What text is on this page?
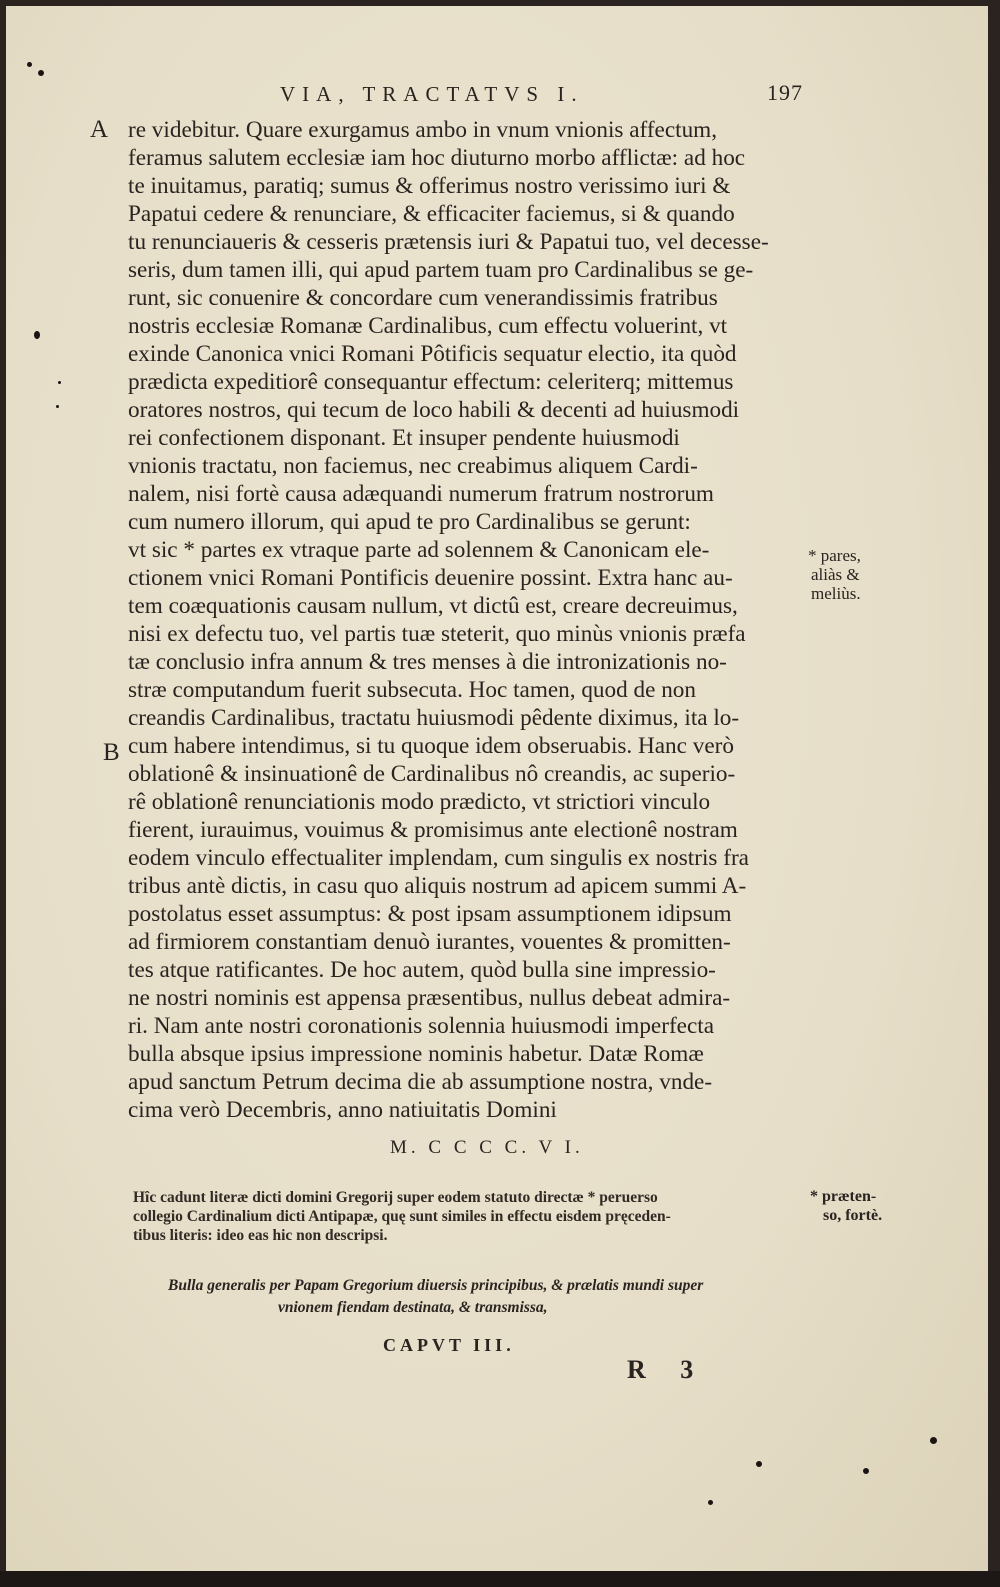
VIA, TRACTATVS I.	197
A
B
re videbitur. Quare exurgamus ambo in vnum vnionis affectum,
feramus salutem ecclesiæ iam hoc diuturno morbo afflictæ: ad hoc
te inuitamus, paratiq; sumus & offerimus nostro verissimo iuri &
Papatui cedere & renunciare, & efficaciter faciemus, si & quando
tu renunciaueris & cesseris prætensis iuri & Papatui tuo, vel decesse-
seris, dum tamen illi, qui apud partem tuam pro Cardinalibus se ge-
runt, sic conuenire & concordare cum venerandissimis fratribus
nostris ecclesiæ Romanæ Cardinalibus, cum effectu voluerint, vt
exinde Canonica vnici Romani Pôtificis sequatur electio, ita quòd
prædicta expeditiorê consequantur effectum: celeriterq; mittemus
oratores nostros, qui tecum de loco habili & decenti ad huiusmodi
rei confectionem disponant. Et insuper pendente huiusmodi
vnionis tractatu, non faciemus, nec creabimus aliquem Cardi-
nalem, nisi fortè causa adæquandi numerum fratrum nostrorum
cum numero illorum, qui apud te pro Cardinalibus se gerunt:
vt sic * partes ex vtraque parte ad solennem & Canonicam ele-
ctionem vnici Romani Pontificis deuenire possint. Extra hanc au-
tem coæquationis causam nullum, vt dictû est, creare decreuimus,
nisi ex defectu tuo, vel partis tuæ steterit, quo minùs vnionis præfa
tæ conclusio infra annum & tres menses à die intronizationis no-
stræ computandum fuerit subsecuta. Hoc tamen, quod de non
creandis Cardinalibus, tractatu huiusmodi pêdente diximus, ita lo-
cum habere intendimus, si tu quoque idem obseruabis. Hanc verò
oblationê & insinuationê de Cardinalibus nô creandis, ac superio-
rê oblationê renunciationis modo prædicto, vt strictiori vinculo
fierent, iurauimus, vouimus & promisimus ante electionê nostram
eodem vinculo effectualiter implendam, cum singulis ex nostris fra
tribus antè dictis, in casu quo aliquis nostrum ad apicem summi A-
postolatus esset assumptus: & post ipsam assumptionem idipsum
ad firmiorem constantiam denuò iurantes, vouentes & promitten-
tes atque ratificantes. De hoc autem, quòd bulla sine impressio-
ne nostri nominis est appensa præsentibus, nullus debeat admira-
ri. Nam ante nostri coronationis solennia huiusmodi imperfecta
bulla absque ipsius impressione nominis habetur. Datæ Romæ
apud sanctum Petrum decima die ab assumptione nostra, vnde-
cima verò Decembris, anno natiuitatis Domini
M. C C C C. V I.
Hîc cadunt literæ dicti domini Gregorij super eodem statuto directæ * peruerso
collegio Cardinalium dicti Antipapæ, quę sunt similes in effectu eisdem pręceden-
tibus literis: ideo eas hic non descripsi.
Bulla generalis per Papam Gregorium diuersis principibus, & prælatis mundi super
vnionem fiendam destinata, & transmissa,
CAPVT III.
R 3
* pares,
aliàs &
meliùs.
* præten-
so, fortè.
